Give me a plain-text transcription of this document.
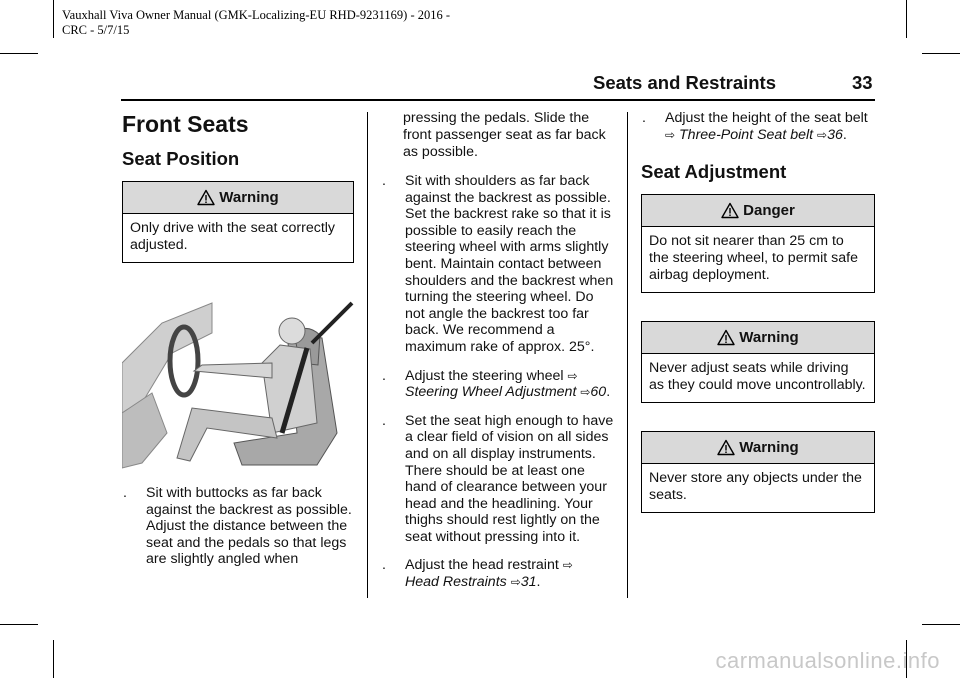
Vauxhall Viva Owner Manual (GMK-Localizing-EU RHD-9231169) - 2016 -
CRC - 5/7/15
Seats and Restraints	33
Front Seats
Seat Position
Warning
Only drive with the seat correctly adjusted.
. Sit with buttocks as far back against the backrest as possible. Adjust the distance between the seat and the pedals so that legs are slightly angled when
pressing the pedals. Slide the front passenger seat as far back as possible.
. Sit with shoulders as far back against the backrest as possible. Set the backrest rake so that it is possible to easily reach the steering wheel with arms slightly bent. Maintain contact between shoulders and the backrest when turning the steering wheel. Do not angle the backrest too far back. We recommend a maximum rake of approx. 25°.
. Adjust the steering wheel ⇨
Steering Wheel Adjustment ⇨60.
. Set the seat high enough to have a clear field of vision on all sides and on all display instruments. There should be at least one hand of clearance between your head and the headlining. Your thighs should rest lightly on the seat without pressing into it.
. Adjust the head restraint ⇨
Head Restraints ⇨31.
. Adjust the height of the seat belt
⇨ Three-Point Seat belt ⇨36.
Seat Adjustment
Danger
Do not sit nearer than 25 cm to the steering wheel, to permit safe airbag deployment.
Warning
Never adjust seats while driving as they could move uncontrollably.
Warning
Never store any objects under the seats.
carmanualsonline.info
